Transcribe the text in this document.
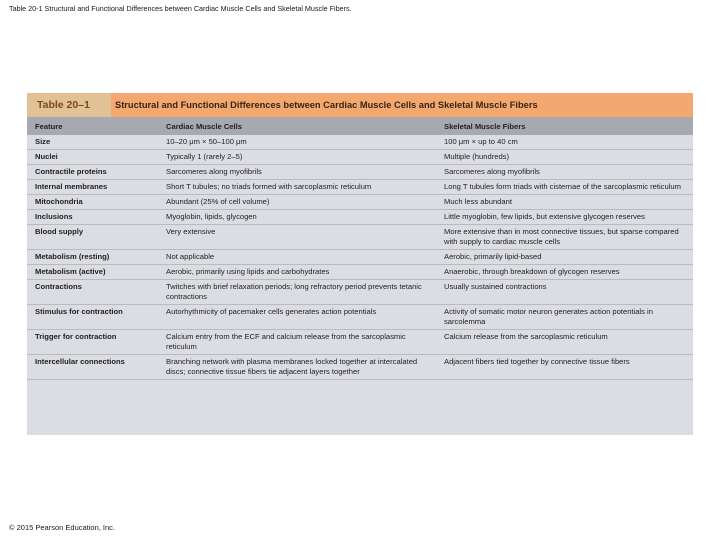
Table 20-1 Structural and Functional Differences between Cardiac Muscle Cells and Skeletal Muscle Fibers.
Table 20–1	Structural and Functional Differences between Cardiac Muscle Cells and Skeletal Muscle Fibers
Feature	Cardiac Muscle Cells	Skeletal Muscle Fibers
Size	10–20 μm × 50–100 μm	100 μm × up to 40 cm
Nuclei	Typically 1 (rarely 2–5)	Multiple (hundreds)
Contractile proteins	Sarcomeres along myofibrils	Sarcomeres along myofibrils
Internal membranes	Short T tubules; no triads formed with sarcoplasmic reticulum	Long T tubules form triads with cisternae of the sarcoplasmic reticulum
Mitochondria	Abundant (25% of cell volume)	Much less abundant
Inclusions	Myoglobin, lipids, glycogen	Little myoglobin, few lipids, but extensive glycogen reserves
Blood supply	Very extensive	More extensive than in most connective tissues, but sparse compared with supply to cardiac muscle cells
Metabolism (resting)	Not applicable	Aerobic, primarily lipid-based
Metabolism (active)	Aerobic, primarily using lipids and carbohydrates	Anaerobic, through breakdown of glycogen reserves
Contractions	Twitches with brief relaxation periods; long refractory period prevents tetanic contractions	Usually sustained contractions
Stimulus for contraction	Autorhythmicity of pacemaker cells generates action potentials	Activity of somatic motor neuron generates action potentials in sarcolemma
Trigger for contraction	Calcium entry from the ECF and calcium release from the sarcoplasmic reticulum	Calcium release from the sarcoplasmic reticulum
Intercellular connections	Branching network with plasma membranes locked together at intercalated discs; connective tissue fibers tie adjacent layers together	Adjacent fibers tied together by connective tissue fibers
© 2015 Pearson Education, Inc.
